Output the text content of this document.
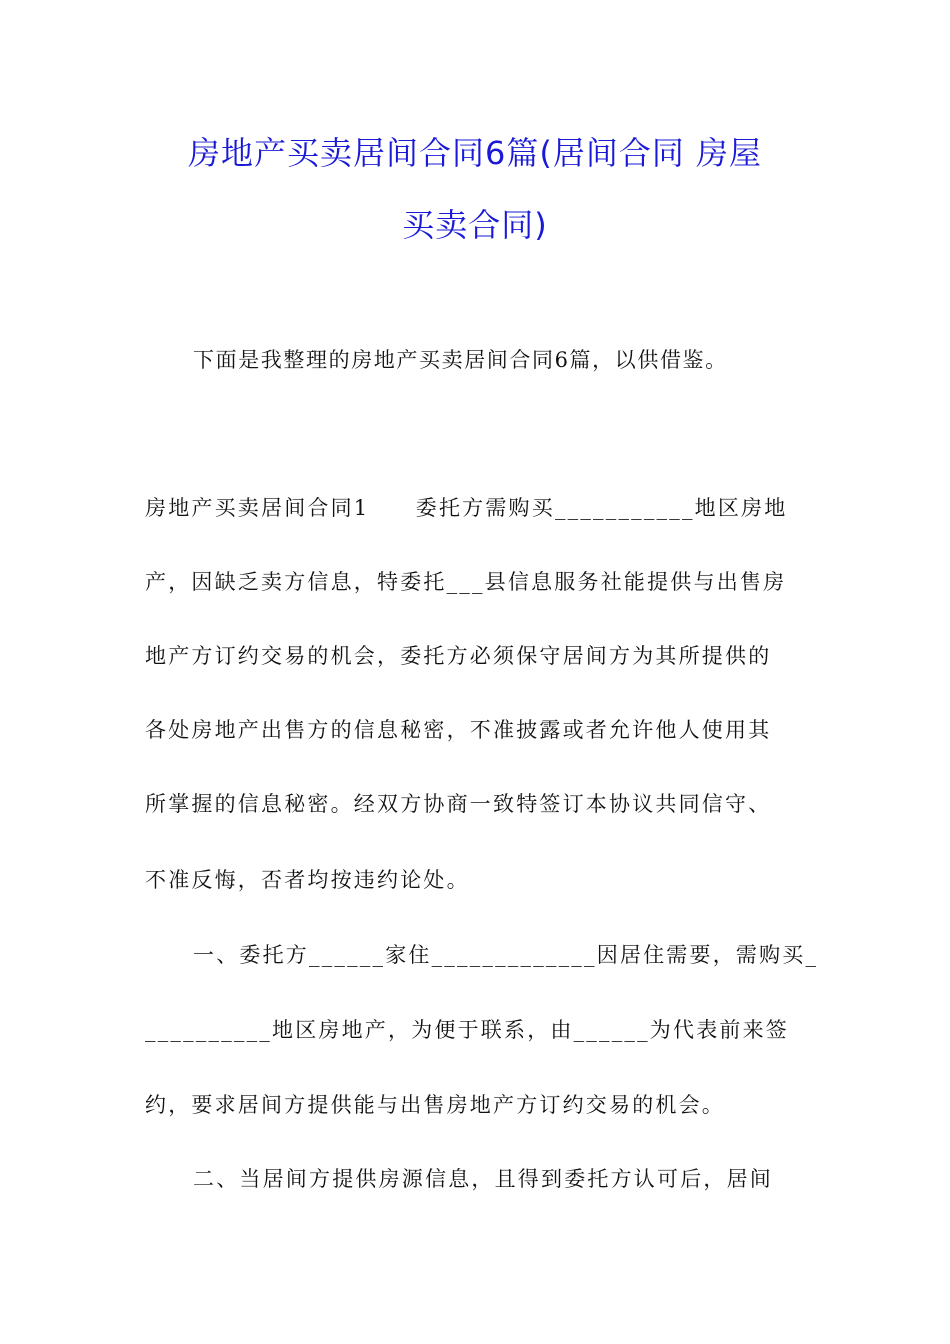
房地产买卖居间合同6篇(居间合同 房屋
买卖合同)
下面是我整理的房地产买卖居间合同6篇，以供借鉴。
房地产买卖居间合同1　　委托方需购买___________地区房地
产，因缺乏卖方信息，特委托___县信息服务社能提供与出售房
地产方订约交易的机会，委托方必须保守居间方为其所提供的
各处房地产出售方的信息秘密，不准披露或者允许他人使用其
所掌握的信息秘密。经双方协商一致特签订本协议共同信守、
不准反悔，否者均按违约论处。
一、委托方______家住_____________因居住需要，需购买_
__________地区房地产，为便于联系，由______为代表前来签
约，要求居间方提供能与出售房地产方订约交易的机会。
二、当居间方提供房源信息，且得到委托方认可后，居间
